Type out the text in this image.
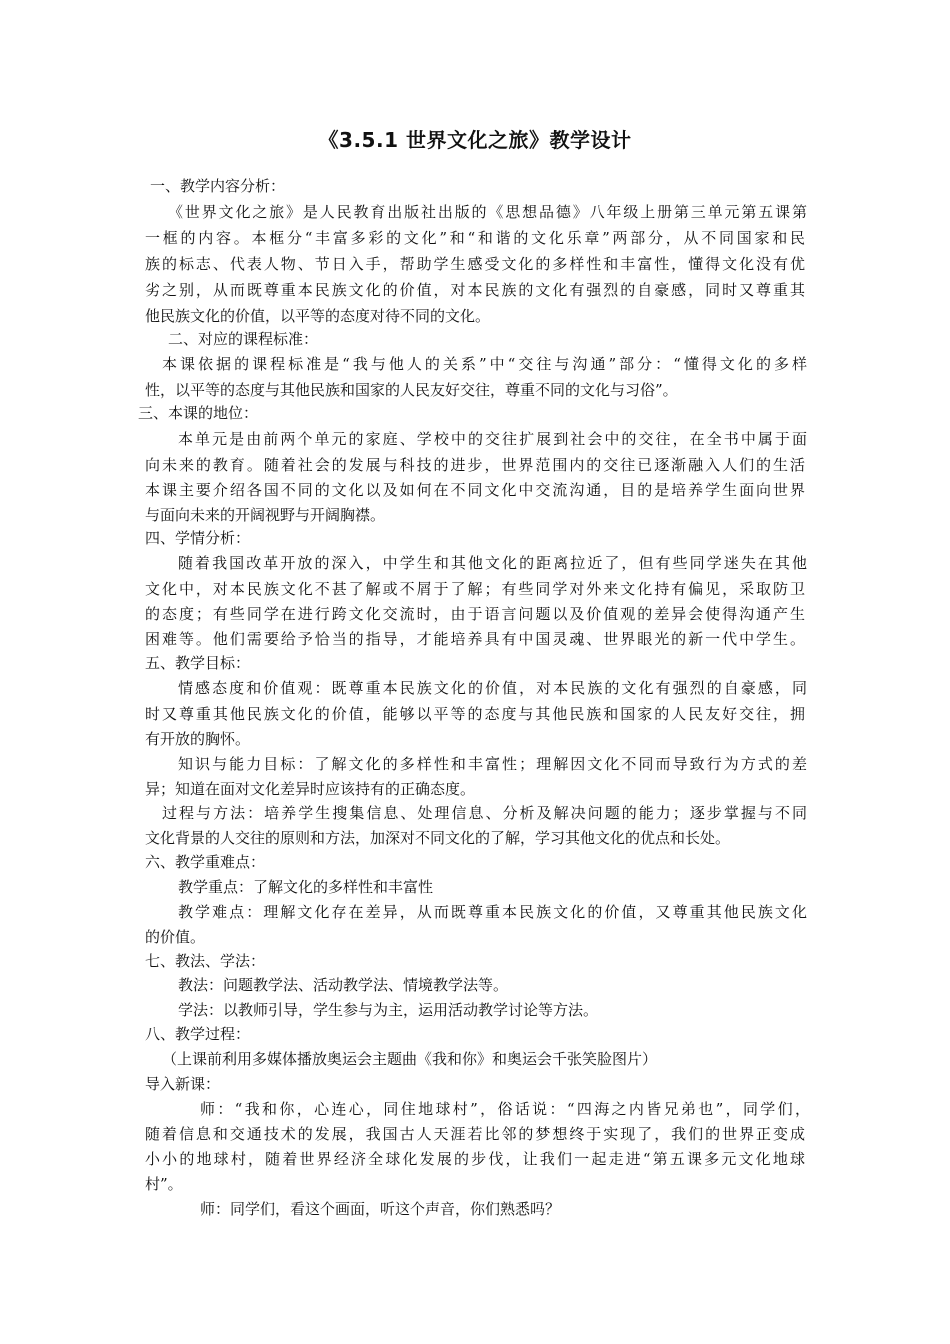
《3.5.1 世界文化之旅》教学设计
一、教学内容分析：
《世界文化之旅》是人民教育出版社出版的《思想品德》八年级上册第三单元第五课第
一框的内容。本框分“丰富多彩的文化”和“和谐的文化乐章”两部分，从不同国家和民
族的标志、代表人物、节日入手，帮助学生感受文化的多样性和丰富性，懂得文化没有优
劣之别，从而既尊重本民族文化的价值，对本民族的文化有强烈的自豪感，同时又尊重其
他民族文化的价值，以平等的态度对待不同的文化。
二、对应的课程标准：
本课依据的课程标准是“我与他人的关系”中“交往与沟通”部分：“懂得文化的多样
性，以平等的态度与其他民族和国家的人民友好交往，尊重不同的文化与习俗”。
三、本课的地位：
本单元是由前两个单元的家庭、学校中的交往扩展到社会中的交往，在全书中属于面
向未来的教育。随着社会的发展与科技的进步，世界范围内的交往已逐渐融入人们的生活
本课主要介绍各国不同的文化以及如何在不同文化中交流沟通，目的是培养学生面向世界
与面向未来的开阔视野与开阔胸襟。
四、学情分析：
随着我国改革开放的深入，中学生和其他文化的距离拉近了，但有些同学迷失在其他
文化中，对本民族文化不甚了解或不屑于了解；有些同学对外来文化持有偏见，采取防卫
的态度；有些同学在进行跨文化交流时，由于语言问题以及价值观的差异会使得沟通产生
困难等。他们需要给予恰当的指导，才能培养具有中国灵魂、世界眼光的新一代中学生。
五、教学目标：
情感态度和价值观：既尊重本民族文化的价值，对本民族的文化有强烈的自豪感，同
时又尊重其他民族文化的价值，能够以平等的态度与其他民族和国家的人民友好交往，拥
有开放的胸怀。
知识与能力目标：了解文化的多样性和丰富性；理解因文化不同而导致行为方式的差
异；知道在面对文化差异时应该持有的正确态度。
过程与方法：培养学生搜集信息、处理信息、分析及解决问题的能力；逐步掌握与不同
文化背景的人交往的原则和方法，加深对不同文化的了解，学习其他文化的优点和长处。
六、教学重难点：
教学重点：了解文化的多样性和丰富性
教学难点：理解文化存在差异，从而既尊重本民族文化的价值，又尊重其他民族文化
的价值。
七、教法、学法：
教法：问题教学法、活动教学法、情境教学法等。
学法：以教师引导，学生参与为主，运用活动教学讨论等方法。
八、教学过程：
（上课前利用多媒体播放奥运会主题曲《我和你》和奥运会千张笑脸图片）
导入新课：
师：“我和你，心连心，同住地球村”，俗话说：“四海之内皆兄弟也”，同学们，
随着信息和交通技术的发展，我国古人天涯若比邻的梦想终于实现了，我们的世界正变成
小小的地球村，随着世界经济全球化发展的步伐，让我们一起走进“第五课多元文化地球
村”。
师：同学们，看这个画面，听这个声音，你们熟悉吗？
